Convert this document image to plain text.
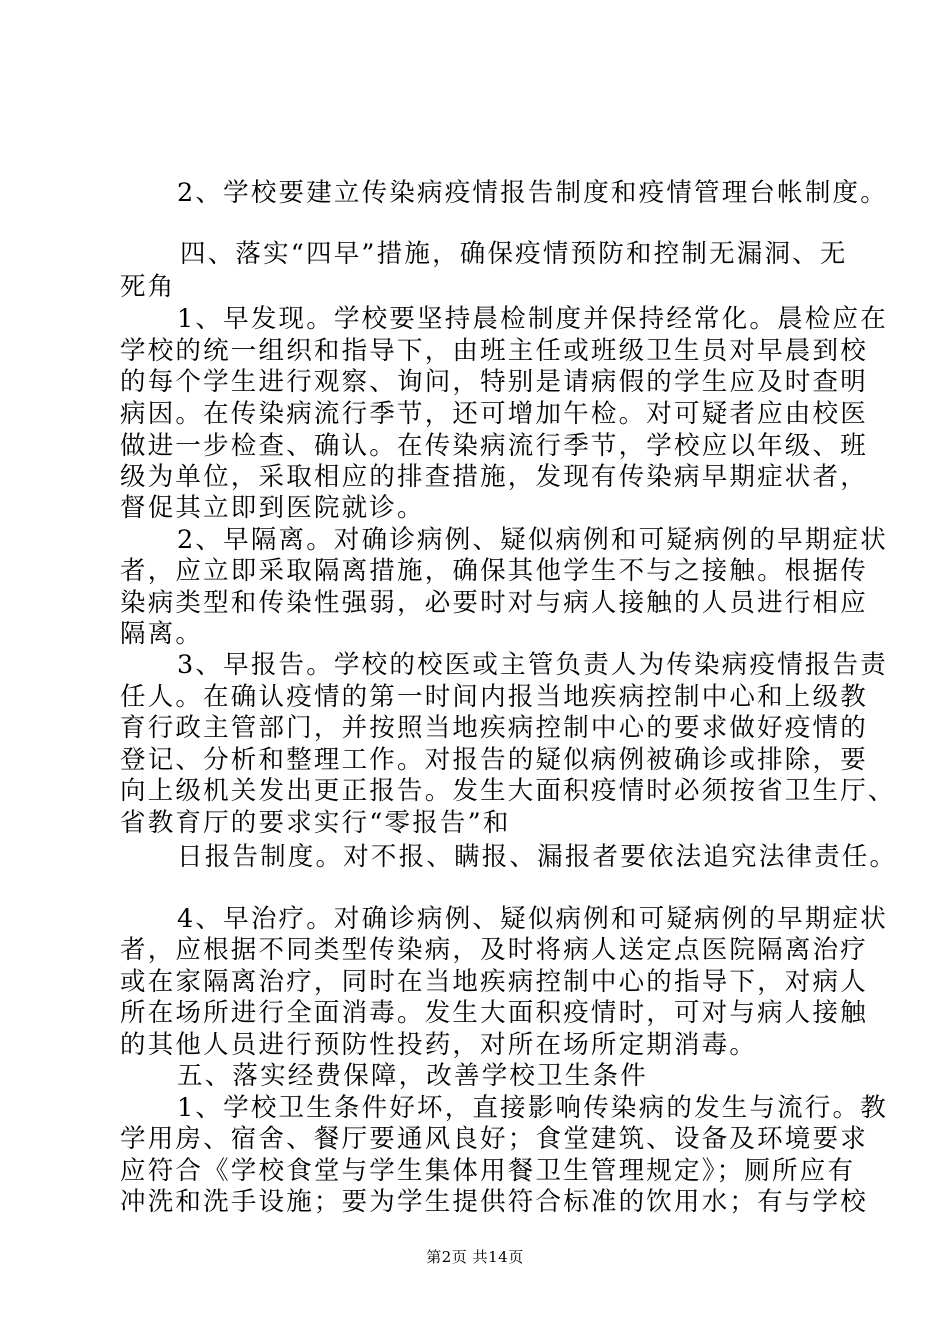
2、学校要建立传染病疫情报告制度和疫情管理台帐制度。

四、落实“四早”措施，确保疫情预防和控制无漏洞、无

死角

1、早发现。学校要坚持晨检制度并保持经常化。晨检应在

学校的统一组织和指导下，由班主任或班级卫生员对早晨到校

的每个学生进行观察、询问，特别是请病假的学生应及时查明

病因。在传染病流行季节，还可增加午检。对可疑者应由校医

做进一步检查、确认。在传染病流行季节，学校应以年级、班

级为单位，采取相应的排查措施，发现有传染病早期症状者，

督促其立即到医院就诊。

2、早隔离。对确诊病例、疑似病例和可疑病例的早期症状

者，应立即采取隔离措施，确保其他学生不与之接触。根据传

染病类型和传染性强弱，必要时对与病人接触的人员进行相应

隔离。

3、早报告。学校的校医或主管负责人为传染病疫情报告责

任人。在确认疫情的第一时间内报当地疾病控制中心和上级教

育行政主管部门，并按照当地疾病控制中心的要求做好疫情的

登记、分析和整理工作。对报告的疑似病例被确诊或排除，要

向上级机关发出更正报告。发生大面积疫情时必须按省卫生厅、

省教育厅的要求实行“零报告”和

日报告制度。对不报、瞒报、漏报者要依法追究法律责任。

4、早治疗。对确诊病例、疑似病例和可疑病例的早期症状

者，应根据不同类型传染病，及时将病人送定点医院隔离治疗

或在家隔离治疗，同时在当地疾病控制中心的指导下，对病人

所在场所进行全面消毒。发生大面积疫情时，可对与病人接触

的其他人员进行预防性投药，对所在场所定期消毒。

五、落实经费保障，改善学校卫生条件

1、学校卫生条件好坏，直接影响传染病的发生与流行。教

学用房、宿舍、餐厅要通风良好；食堂建筑、设备及环境要求

应符合《学校食堂与学生集体用餐卫生管理规定》；厕所应有

冲洗和洗手设施；要为学生提供符合标准的饮用水；有与学校

第2页 共14页
